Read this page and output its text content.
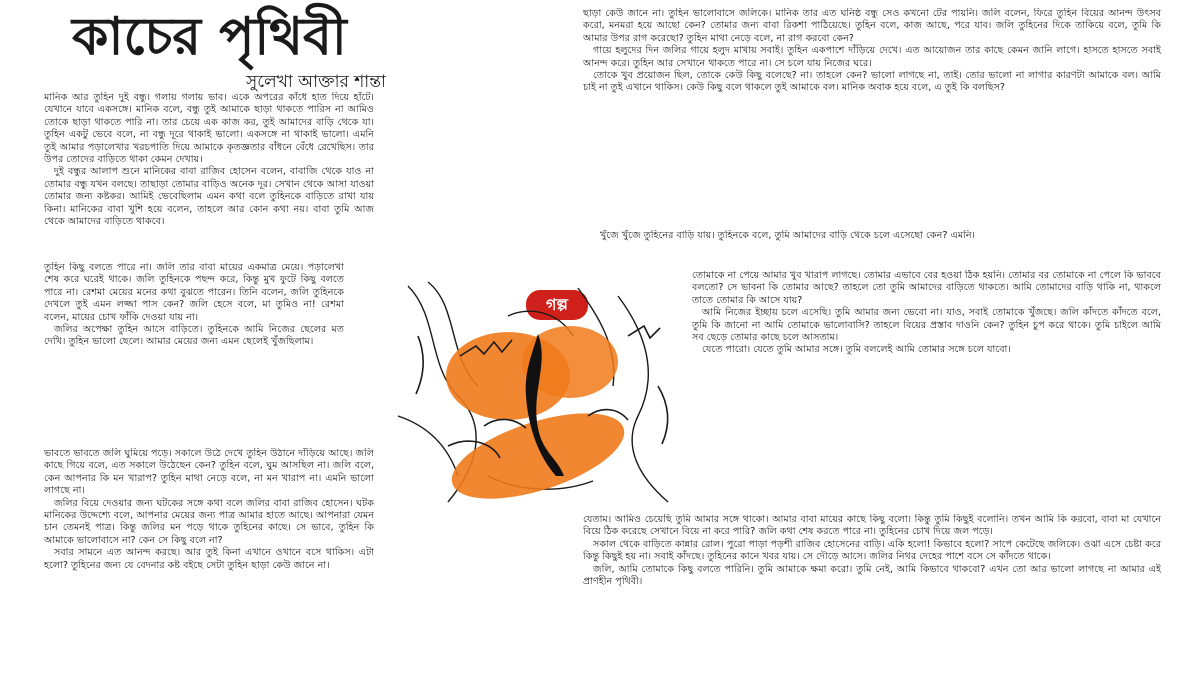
কাচের পৃথিবী
সুলেখা আক্তার শান্তা

মানিক আর তুহিন দুই বন্ধু। গলায় গলায় ভাব। একে অপরের কাঁধে হাত দিয়ে হাঁটে। যেখানে যাবে একসঙ্গে। মানিক বলে, বন্ধু তুই আমাকে ছাড়া থাকতে পারিস না আমিও তোকে ছাড়া থাকতে পারি না। তার চেয়ে এক কাজ কর, তুই আমাদের বাড়ি থেকে যা। তুহিন একটু ভেবে বলে, না বন্ধু দূরে থাকাই ভালো। একসঙ্গে না থাকাই ভালো। এমনি তুই আমার পড়ালেখার খরচপাতি দিয়ে আমাকে কৃতজ্ঞতার বাঁধনে বেঁধে রেখেছিস। তার উপর তোদের বাড়িতে থাকা কেমন দেখায়।

দুই বন্ধুর আলাপ শুনে মানিকের বাবা রাজিব হোসেন বলেন, বাবাজি থেকে যাও না তোমার বন্ধু যখন বলছে। তাছাড়া তোমার বাড়িও অনেক দূর। সেখান থেকে আসা যাওয়া তোমার জন্য কষ্টকর। আমিই ভেবেছিলাম এমন কথা বলে তুহিনকে বাড়িতে রাখা যায় কিনা। মানিকের বাবা খুশি হয়ে বলেন, তাহলে আর কোন কথা নয়। বাবা তুমি আজ থেকে আমাদের বাড়িতে থাকবে।

তুহিন কিছু বলতে পারে না। জলি তার বাবা মায়ের একমাত্র মেয়ে। পড়ালেখা শেষ করে ঘরেই থাকে। জলি তুহিনকে পছন্দ করে, কিন্তু মুখ ফুটে কিছু বলতে পারে না। রেশমা মেয়ের মনের কথা বুঝতে পারেন। তিনি বলেন, জলি তুহিনকে দেখলে তুই এমন লজ্জা পাস কেন? জলি হেসে বলে, মা তুমিও না! রেশমা বলেন, মায়ের চোখ ফাঁকি দেওয়া যায় না।

জলির অপেক্ষা তুহিন আসে বাড়িতে। তুহিনকে আমি নিজের ছেলের মত দেখি। তুহিন ভালো ছেলে। আমার মেয়ের জন্য এমন ছেলেই খুঁজছিলাম।

ভাবতে ভাবতে জলি ঘুমিয়ে পড়ে। সকালে উঠে দেখে তুহিন উঠানে দাঁড়িয়ে আছে। জলি কাছে গিয়ে বলে, এত সকালে উঠেছেন কেন? তুহিন বলে, ঘুম আসছিল না। জলি বলে, কেন আপনার কি মন খারাপ? তুহিন মাথা নেড়ে বলে, না মন খারাপ না। এমনি ভালো লাগছে না।

জলির বিয়ে দেওয়ার জন্য ঘটকের সঙ্গে কথা বলে জলির বাবা রাজিব হোসেন। ঘটক মানিকের উদ্দেশ্যে বলে, আপনার মেয়ের জন্য পাত্র আমার হাতে আছে। আপনারা যেমন চান তেমনই পাত্র। কিন্তু জলির মন পড়ে থাকে তুহিনের কাছে। সে ভাবে, তুহিন কি আমাকে ভালোবাসে না? কেন সে কিছু বলে না?

সবার সামনে এত আনন্দ করছে। আর তুই কিনা এখানে ওখানে বসে থাকিস। এটা হলো? তুহিনের জন্য যে বেদনার কষ্ট বইছে সেটা তুহিন ছাড়া কেউ জানে না।

ছাড়া কেউ জানে না। তুহিন ভালোবাসে জলিকে। মানিক তার এত ঘনিষ্ঠ বন্ধু সেও কখনো টের পায়নি। জলি বলেন, ফিরে তুহিন বিয়ের আনন্দ উৎসব করো, মনমরা হয়ে আছো কেন? তোমার জন্য বাবা রিকশা পাঠিয়েছে। তুহিন বলে, কাজ আছে, পরে যাব। জলি তুহিনের দিকে তাকিয়ে বলে, তুমি কি আমার উপর রাগ করেছো? তুহিন মাথা নেড়ে বলে, না রাগ করবো কেন?

গায়ে হলুদের দিন জলির গায়ে হলুদ মাখায় সবাই। তুহিন একপাশে দাঁড়িয়ে দেখে। এত আয়োজন তার কাছে কেমন জানি লাগে। হাসতে হাসতে সবাই আনন্দ করে। তুহিন আর সেখানে থাকতে পারে না। সে চলে যায় নিজের ঘরে।

তোকে খুব প্রয়োজন ছিল, তোকে কেউ কিছু বলেছে? না। তাহলে কেন? ভালো লাগছে না, তাই। তোর ভালো না লাগার কারণটা আমাকে বল। আমি চাই না তুই এখানে থাকিস। কেউ কিছু বলে থাকলে তুই আমাকে বল। মানিক অবাক হয়ে বলে, এ তুই কি বলছিস?

খুঁজে খুঁজে তুহিনের বাড়ি যায়। তুহিনকে বলে, তুমি আমাদের বাড়ি থেকে চলে এসেছো কেন? এমনি।

তোমাকে না পেয়ে আমার খুব খারাপ লাগছে। তোমার এভাবে বের হওয়া ঠিক হয়নি। তোমার বর তোমাকে না পেলে কি ভাববে বলতো? সে ভাবনা কি তোমার আছে? তাহলে তো তুমি আমাদের বাড়িতে থাকতে। আমি তোমাদের বাড়ি থাকি না, থাকলে তাতে তোমার কি আসে যায়?

আমি নিজের ইচ্ছায় চলে এসেছি। তুমি আমার জন্য ভেবো না। যাও, সবাই তোমাকে খুঁজছে। জলি কাঁদতে কাঁদতে বলে, তুমি কি জানো না আমি তোমাকে ভালোবাসি? তাহলে বিয়ের প্রস্তাব দাওনি কেন? তুহিন চুপ করে থাকে। তুমি চাইলে আমি সব ছেড়ে তোমার কাছে চলে আসতাম।

যেতে পারো। যেতে তুমি আমার সঙ্গে। তুমি বললেই আমি তোমার সঙ্গে চলে যাবো।

যেতাম। আমিও চেয়েছি তুমি আমার সঙ্গে থাকো। আমার বাবা মায়ের কাছে কিছু বলো। কিন্তু তুমি কিছুই বলোনি। তখন আমি কি করবো, বাবা মা যেখানে বিয়ে ঠিক করেছে সেখানে বিয়ে না করে পারি? জলি কথা শেষ করতে পারে না। তুহিনের চোখ দিয়ে জল পড়ে।

সকাল থেকে বাড়িতে কান্নার রোল। পুরো পাড়া পড়শী রাজিব হোসেনের বাড়ি। একি হলো! কিভাবে হলো? সাপে কেটেছে জলিকে। ওঝা এসে চেষ্টা করে কিন্তু কিছুই হয় না। সবাই কাঁদছে। তুহিনের কানে খবর যায়। সে দৌড়ে আসে। জলির নিথর দেহের পাশে বসে সে কাঁদতে থাকে।

জলি, আমি তোমাকে কিছু বলতে পারিনি। তুমি আমাকে ক্ষমা করো। তুমি নেই, আমি কিভাবে থাকবো? এখন তো আর ভালো লাগছে না আমার এই প্রাণহীন পৃথিবী।

গল্প
